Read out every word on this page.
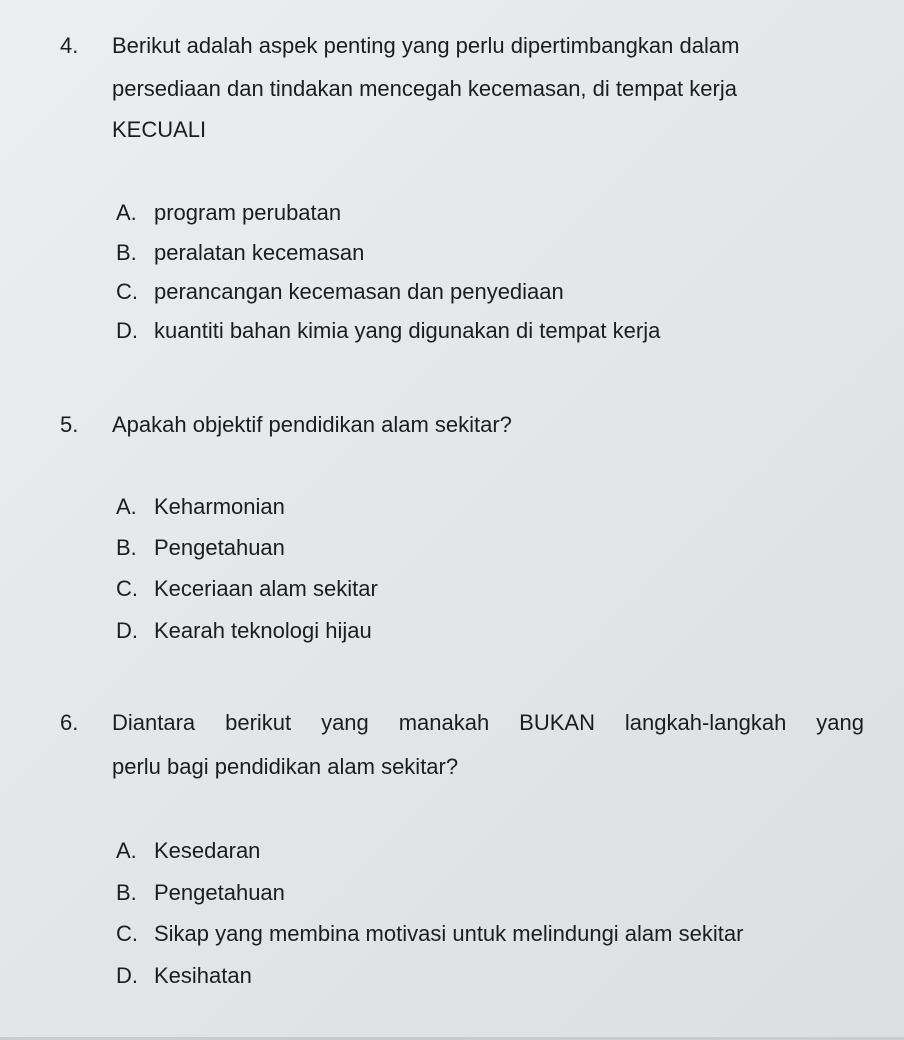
4. Berikut adalah aspek penting yang perlu dipertimbangkan dalam
persediaan dan tindakan mencegah kecemasan, di tempat kerja
KECUALI
A. program perubatan
B. peralatan kecemasan
C. perancangan kecemasan dan penyediaan
D. kuantiti bahan kimia yang digunakan di tempat kerja
5. Apakah objektif pendidikan alam sekitar?
A. Keharmonian
B. Pengetahuan
C. Keceriaan alam sekitar
D. Kearah teknologi hijau
6. Diantara berikut yang manakah BUKAN langkah-langkah yang
perlu bagi pendidikan alam sekitar?
A. Kesedaran
B. Pengetahuan
C. Sikap yang membina motivasi untuk melindungi alam sekitar
D. Kesihatan
